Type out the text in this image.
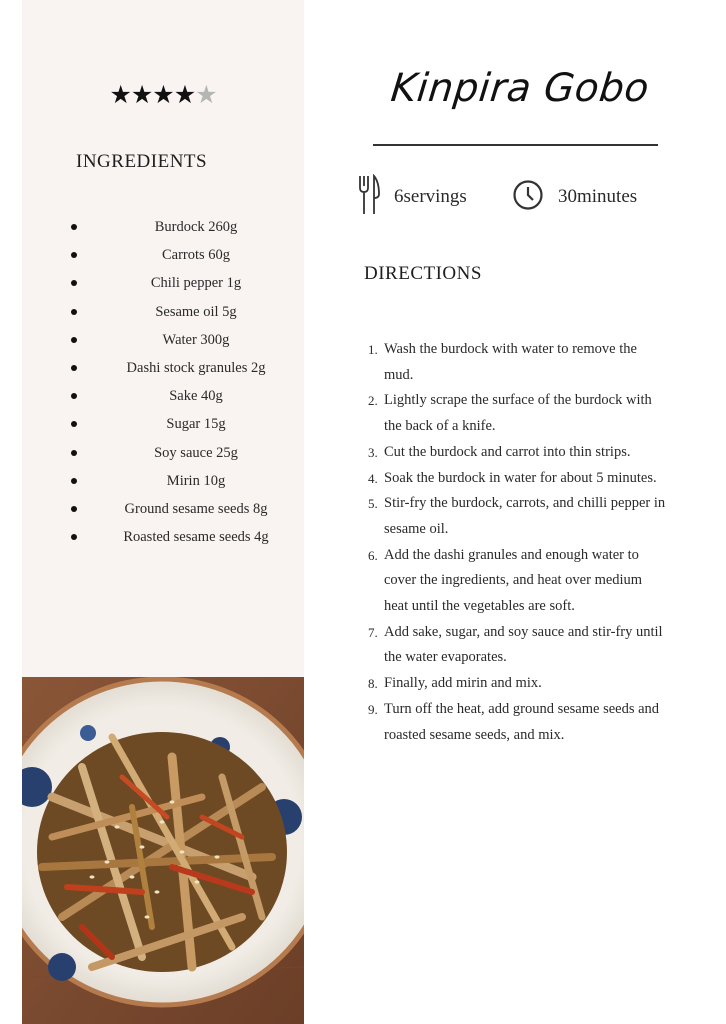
★★★★★
INGREDIENTS
Burdock 260g
Carrots 60g
Chili pepper 1g
Sesame oil 5g
Water 300g
Dashi stock granules 2g
Sake 40g
Sugar 15g
Soy sauce 25g
Mirin 10g
Ground sesame seeds 8g
Roasted sesame seeds 4g
Kinpira Gobo
6servings	30minutes
DIRECTIONS
1. Wash the burdock with water to remove the mud.
2. Lightly scrape the surface of the burdock with the back of a knife.
3. Cut the burdock and carrot into thin strips.
4. Soak the burdock in water for about 5 minutes.
5. Stir-fry the burdock, carrots, and chilli pepper in sesame oil.
6. Add the dashi granules and enough water to cover the ingredients, and heat over medium heat until the vegetables are soft.
7. Add sake, sugar, and soy sauce and stir-fry until the water evaporates.
8. Finally, add mirin and mix.
9. Turn off the heat, add ground sesame seeds and roasted sesame seeds, and mix.
